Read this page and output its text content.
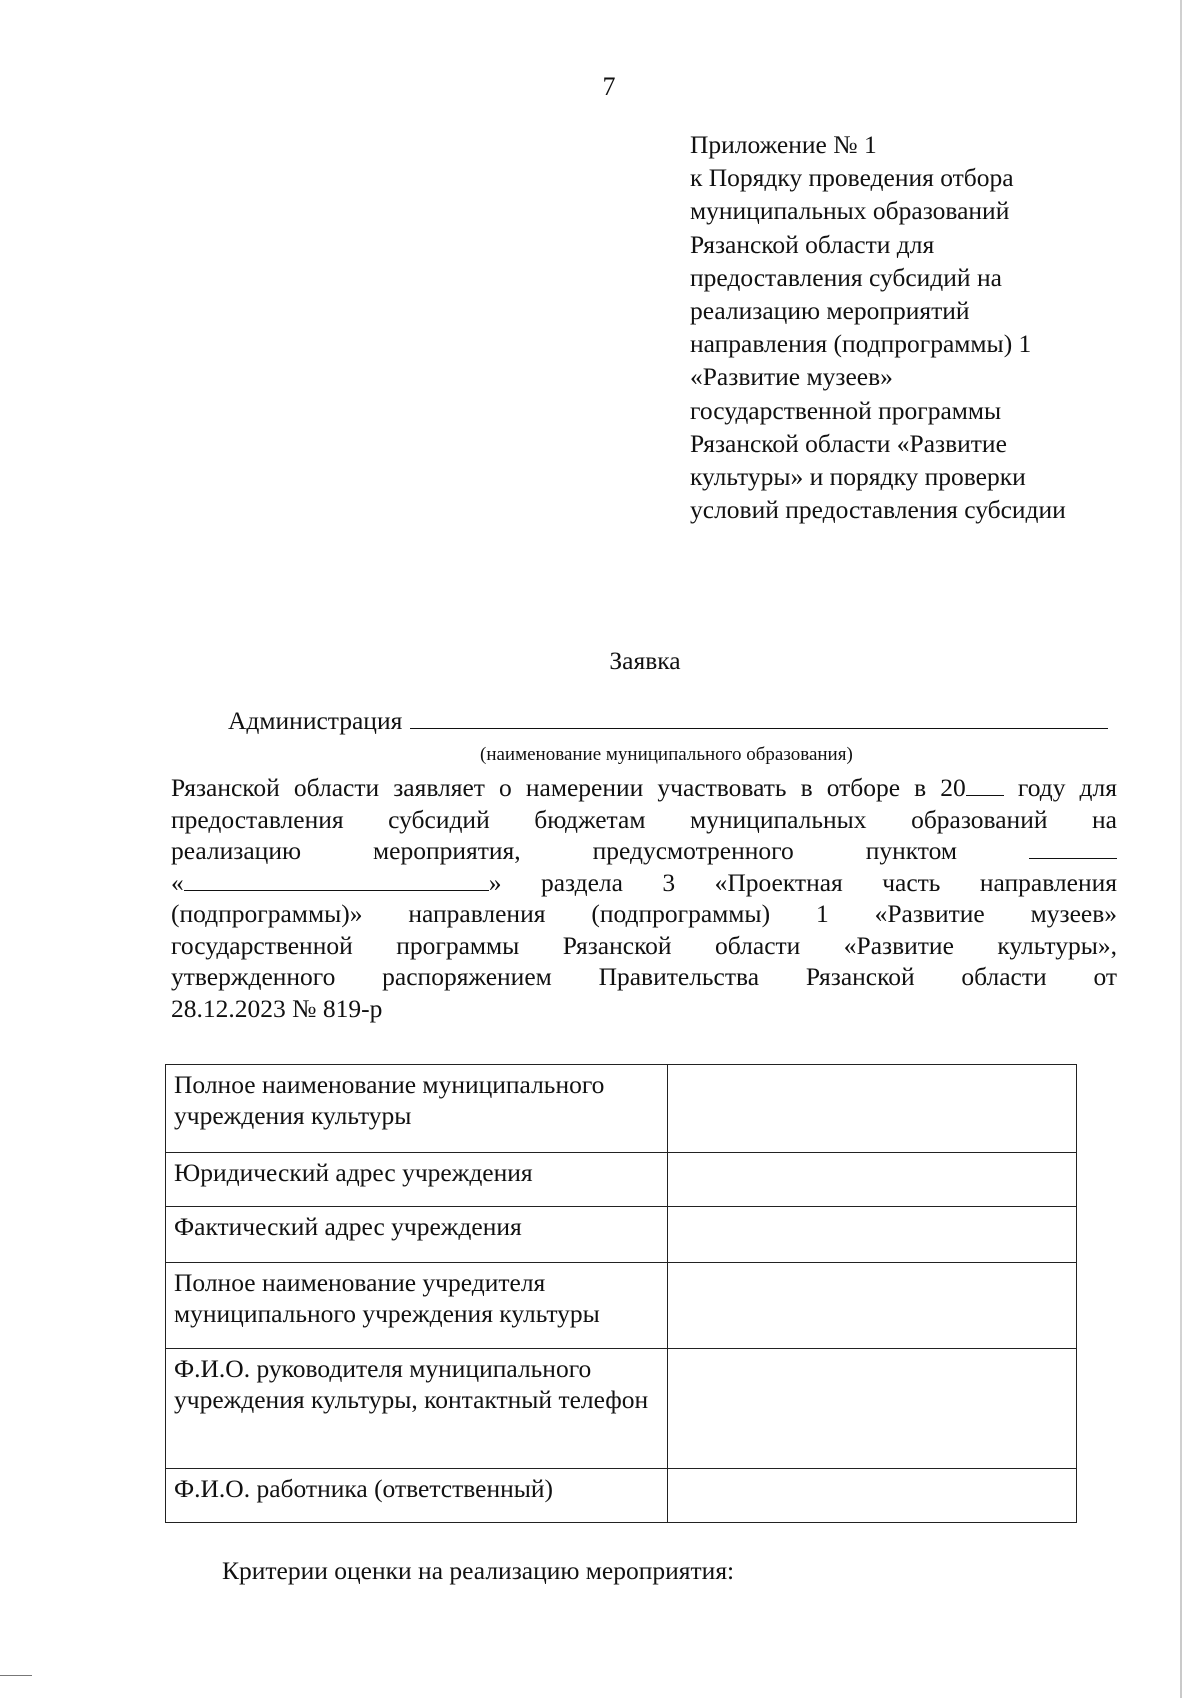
7
Приложение № 1
к Порядку проведения отбора
муниципальных образований
Рязанской области для
предоставления субсидий на
реализацию мероприятий
направления (подпрограммы) 1
«Развитие музеев»
государственной программы
Рязанской области «Развитие
культуры» и порядку проверки
условий предоставления субсидии
Заявка
Администрация
(наименование муниципального образования)
Рязанской области заявляет о намерении участвовать в отборе в 20 году для
предоставления субсидий бюджетам муниципальных образований на
реализацию мероприятия, предусмотренного пунктом
«	» раздела 3 «Проектная часть направления
(подпрограммы)» направления (подпрограммы) 1 «Развитие музеев»
государственной программы Рязанской области «Развитие культуры»,
утвержденного распоряжением Правительства Рязанской области от
28.12.2023 № 819-р
Полное наименование муниципального учреждения культуры	
Юридический адрес учреждения	
Фактический адрес учреждения	
Полное наименование учредителя муниципального учреждения культуры	
Ф.И.О. руководителя муниципального учреждения культуры, контактный телефон	
Ф.И.О. работника (ответственный)	
Критерии оценки на реализацию мероприятия:
